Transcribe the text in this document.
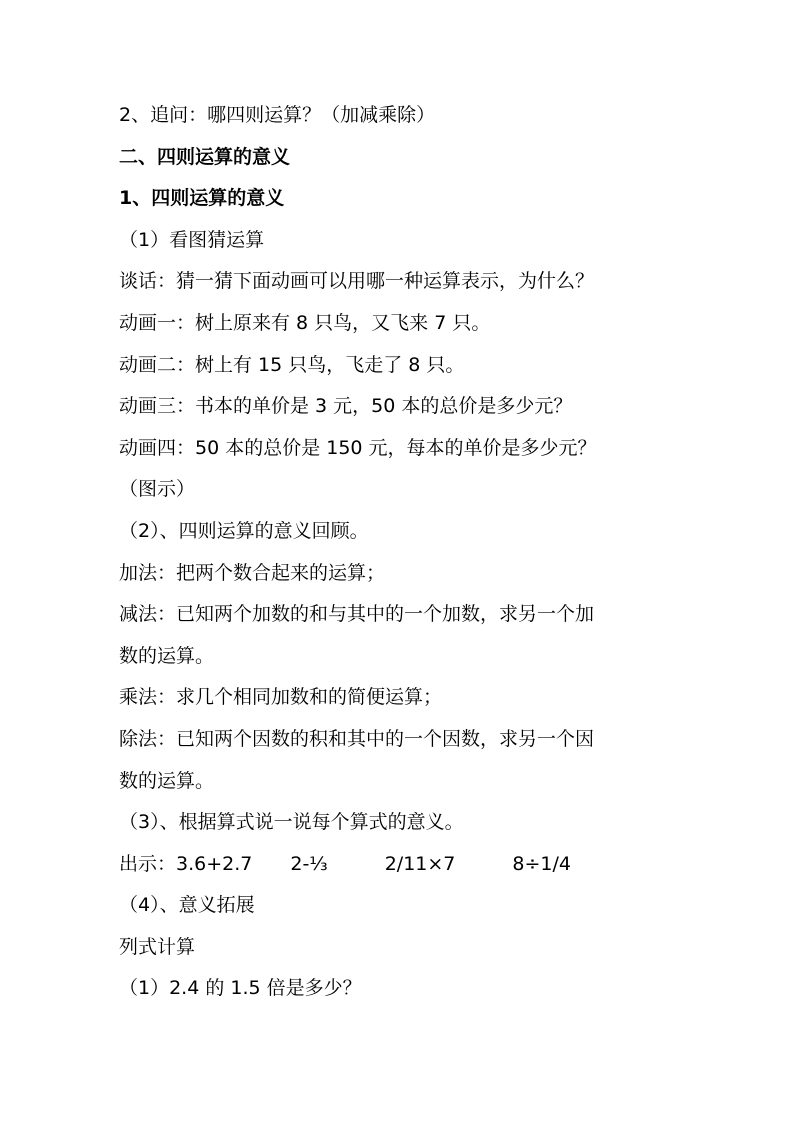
2、追问：哪四则运算？（加减乘除）
二、四则运算的意义
1、四则运算的意义
（1）看图猜运算
谈话：猜一猜下面动画可以用哪一种运算表示，为什么？
动画一：树上原来有 8 只鸟，又飞来 7 只。
动画二：树上有 15 只鸟，飞走了 8 只。
动画三：书本的单价是 3 元，50 本的总价是多少元？
动画四：50 本的总价是 150 元，每本的单价是多少元？
（图示）
（2）、四则运算的意义回顾。
加法：把两个数合起来的运算；
减法：已知两个加数的和与其中的一个加数，求另一个加
数的运算。
乘法：求几个相同加数和的简便运算；
除法：已知两个因数的积和其中的一个因数，求另一个因
数的运算。
（3）、根据算式说一说每个算式的意义。
出示：3.6+2.7　　2-⅓　　　2/11×7　　　8÷1/4
（4）、意义拓展
列式计算
（1）2.4 的 1.5 倍是多少？
